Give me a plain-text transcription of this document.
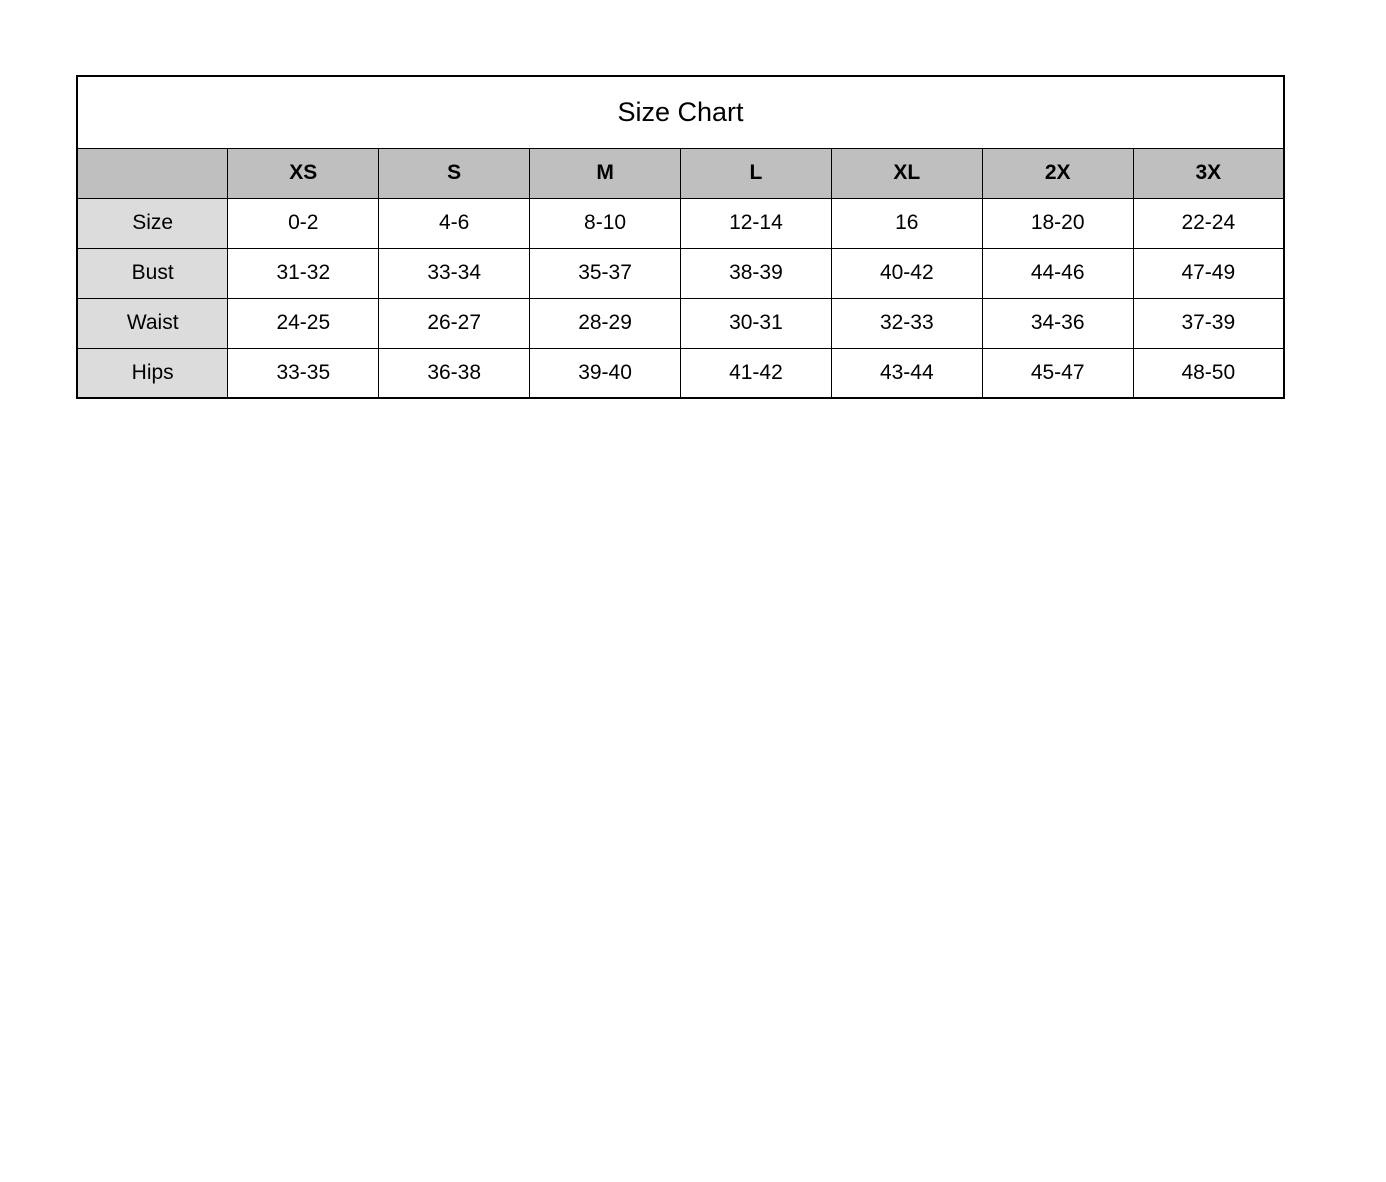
Size Chart							
	XS	S	M	L	XL	2X	3X
Size	0-2	4-6	8-10	12-14	16	18-20	22-24
Bust	31-32	33-34	35-37	38-39	40-42	44-46	47-49
Waist	24-25	26-27	28-29	30-31	32-33	34-36	37-39
Hips	33-35	36-38	39-40	41-42	43-44	45-47	48-50
